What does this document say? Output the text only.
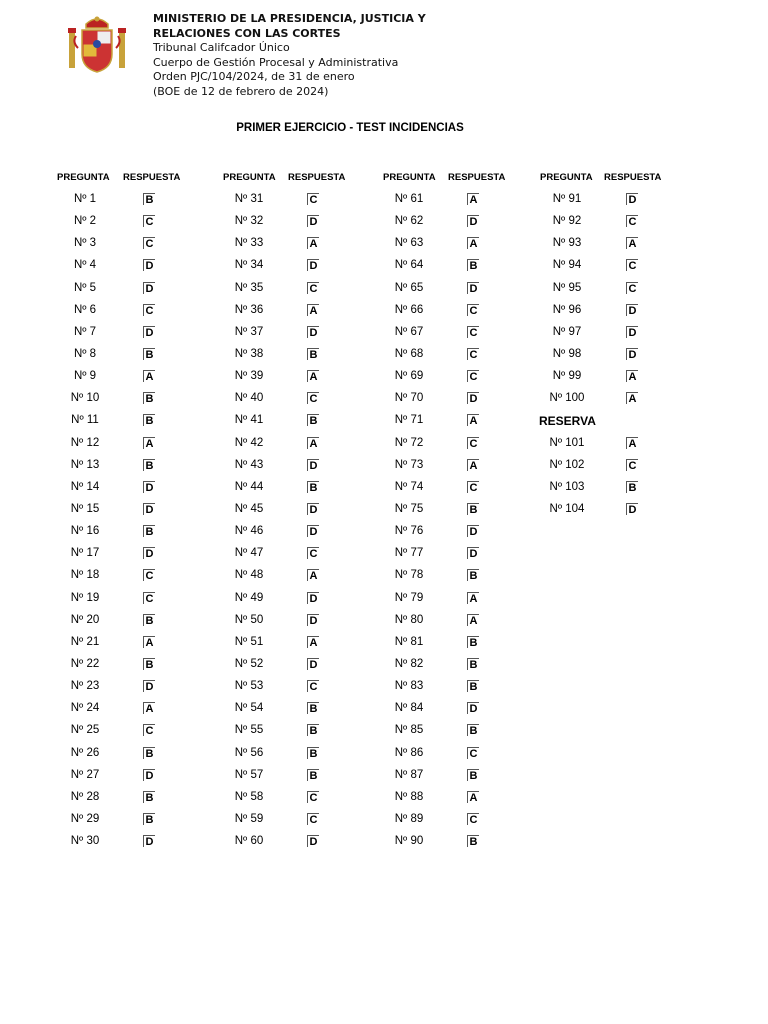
MINISTERIO DE LA PRESIDENCIA, JUSTICIA Y
RELACIONES CON LAS CORTES
Tribunal Califcador Único
Cuerpo de Gestión Procesal y Administrativa
Orden PJC/104/2024, de 31 de enero
(BOE de 12 de febrero de 2024)
PRIMER EJERCICIO - TEST INCIDENCIAS
PREGUNTA RESPUESTA
Nº 1	B
Nº 2	C
Nº 3	C
Nº 4	D
Nº 5	D
Nº 6	C
Nº 7	D
Nº 8	B
Nº 9	A
Nº 10	B
Nº 11	B
Nº 12	A
Nº 13	B
Nº 14	D
Nº 15	D
Nº 16	B
Nº 17	D
Nº 18	C
Nº 19	C
Nº 20	B
Nº 21	A
Nº 22	B
Nº 23	D
Nº 24	A
Nº 25	C
Nº 26	B
Nº 27	D
Nº 28	B
Nº 29	B
Nº 30	D
PREGUNTA RESPUESTA
Nº 31	C
Nº 32	D
Nº 33	A
Nº 34	D
Nº 35	C
Nº 36	A
Nº 37	D
Nº 38	B
Nº 39	A
Nº 40	C
Nº 41	B
Nº 42	A
Nº 43	D
Nº 44	B
Nº 45	D
Nº 46	D
Nº 47	C
Nº 48	A
Nº 49	D
Nº 50	D
Nº 51	A
Nº 52	D
Nº 53	C
Nº 54	B
Nº 55	B
Nº 56	B
Nº 57	B
Nº 58	C
Nº 59	C
Nº 60	D
PREGUNTA RESPUESTA
Nº 61	A
Nº 62	D
Nº 63	A
Nº 64	B
Nº 65	D
Nº 66	C
Nº 67	C
Nº 68	C
Nº 69	C
Nº 70	D
Nº 71	A
Nº 72	C
Nº 73	A
Nº 74	C
Nº 75	B
Nº 76	D
Nº 77	D
Nº 78	B
Nº 79	A
Nº 80	A
Nº 81	B
Nº 82	B
Nº 83	B
Nº 84	D
Nº 85	B
Nº 86	C
Nº 87	B
Nº 88	A
Nº 89	C
Nº 90	B
PREGUNTA RESPUESTA
Nº 91	D
Nº 92	C
Nº 93	A
Nº 94	C
Nº 95	C
Nº 96	D
Nº 97	D
Nº 98	D
Nº 99	A
Nº 100	A
RESERVA
Nº 101	A
Nº 102	C
Nº 103	B
Nº 104	D
